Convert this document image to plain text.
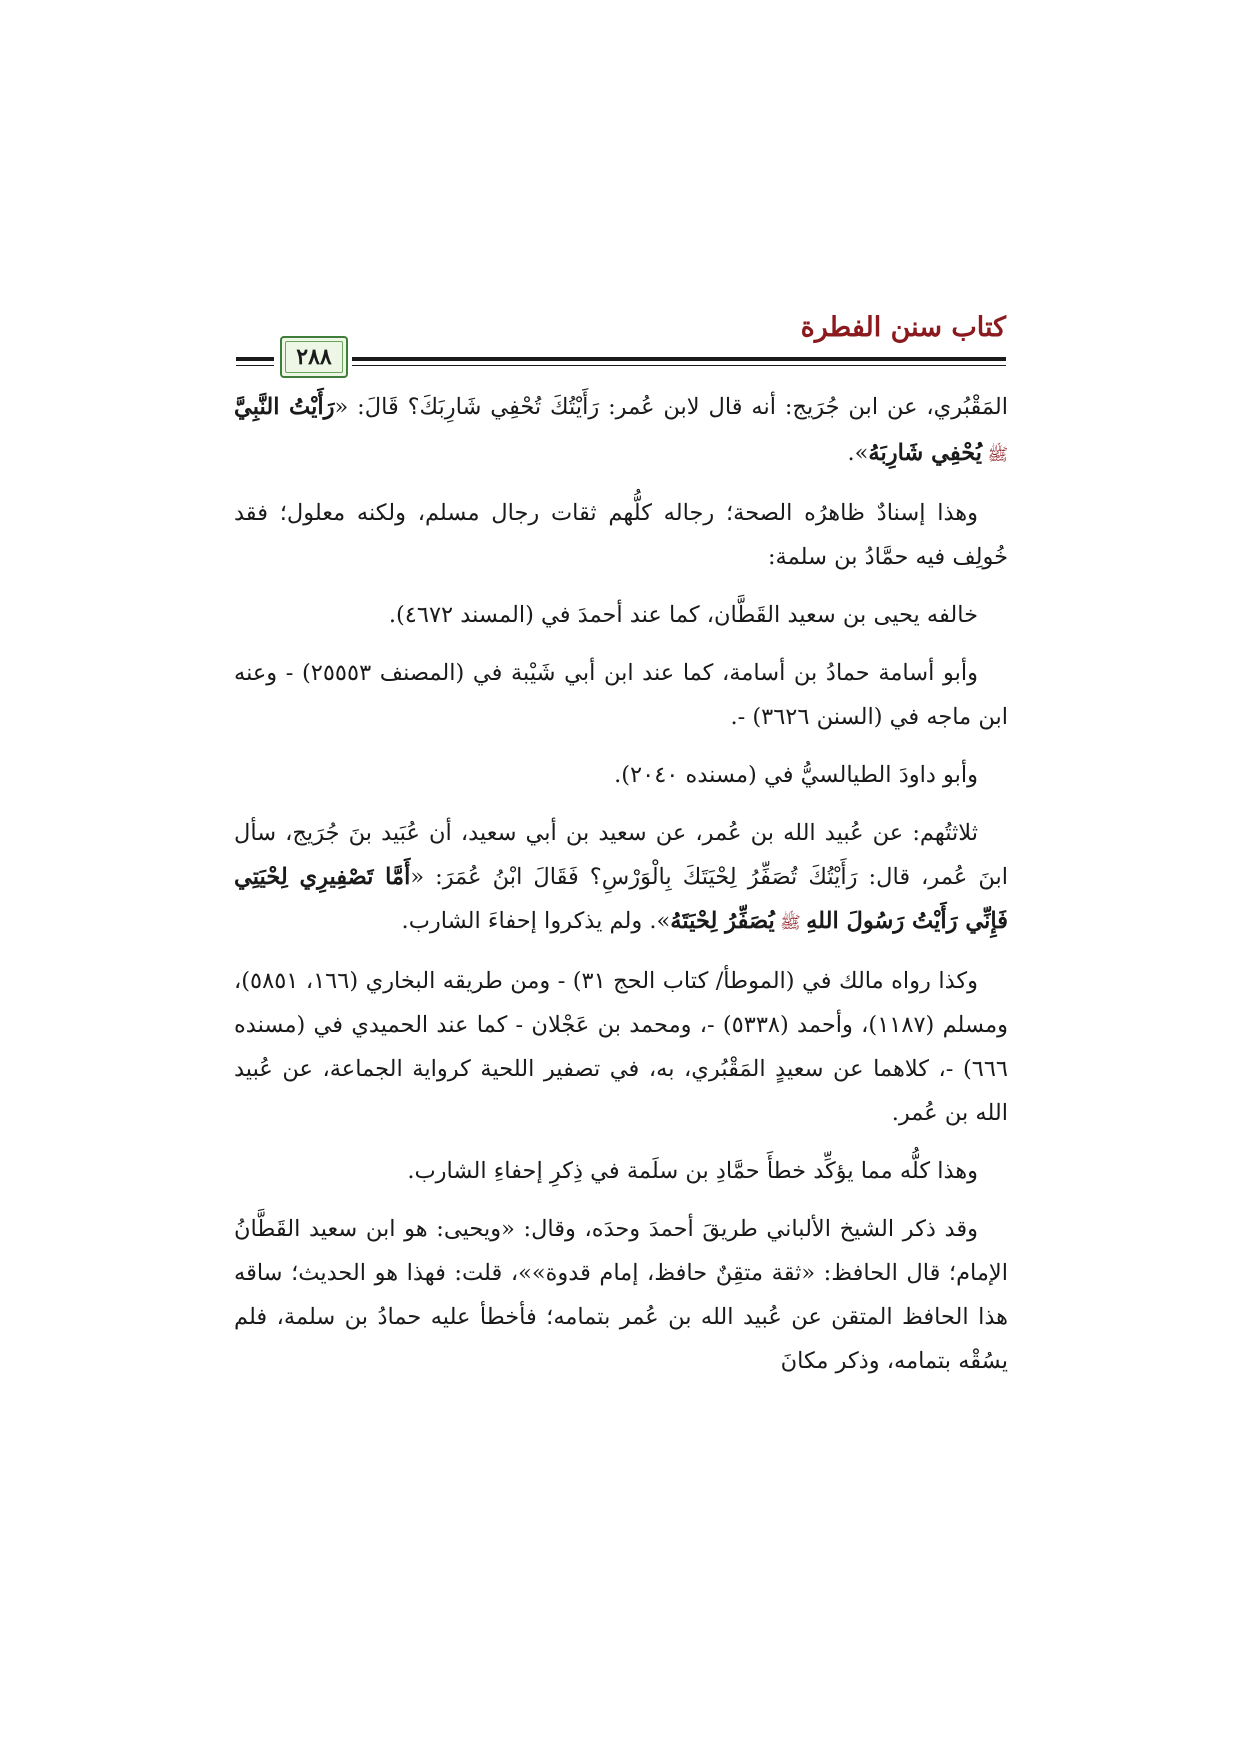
كتاب سنن الفطرة
٢٨٨

المَقْبُري، عن ابن جُرَيج: أنه قال لابن عُمر: رَأَيْتُكَ تُحْفِي شَارِبَكَ؟ قَالَ: «رَأَيْتُ النَّبِيَّ ﷺ يُحْفِي شَارِبَهُ».

وهذا إسنادٌ ظاهرُه الصحة؛ رجاله كلُّهم ثقات رجال مسلم، ولكنه معلول؛ فقد خُولِف فيه حمَّادُ بن سلمة:

خالفه يحيى بن سعيد القَطَّان، كما عند أحمدَ في (المسند ٤٦٧٢).

وأبو أسامة حمادُ بن أسامة، كما عند ابن أبي شَيْبة في (المصنف ٢٥٥٥٣) - وعنه ابن ماجه في (السنن ٣٦٢٦) -.

وأبو داودَ الطيالسيُّ في (مسنده ٢٠٤٠).

ثلاثتُهم: عن عُبيد الله بن عُمر، عن سعيد بن أبي سعيد، أن عُبَيد بنَ جُرَيج، سأل ابنَ عُمر، قال: رَأَيْتُكَ تُصَفِّرُ لِحْيَتَكَ بِالْوَرْسِ؟ فَقَالَ ابْنُ عُمَرَ: «أَمَّا تَصْفِيرِي لِحْيَتِي فَإِنِّي رَأَيْتُ رَسُولَ اللهِ ﷺ يُصَفِّرُ لِحْيَتَهُ». ولم يذكروا إحفاءَ الشارب.

وكذا رواه مالك في (الموطأ/ كتاب الحج ٣١) - ومن طريقه البخاري (١٦٦، ٥٨٥١)، ومسلم (١١٨٧)، وأحمد (٥٣٣٨) -، ومحمد بن عَجْلان - كما عند الحميدي في (مسنده ٦٦٦) -، كلاهما عن سعيدٍ المَقْبُري، به، في تصفير اللحية كرواية الجماعة، عن عُبيد الله بن عُمر.

وهذا كلُّه مما يؤكِّد خطأَ حمَّادِ بن سلَمة في ذِكرِ إحفاءِ الشارب.

وقد ذكر الشيخ الألباني طريقَ أحمدَ وحدَه، وقال: «ويحيى: هو ابن سعيد القَطَّانُ الإمام؛ قال الحافظ: «ثقة متقِنٌ حافظ، إمام قدوة»»، قلت: فهذا هو الحديث؛ ساقه هذا الحافظ المتقن عن عُبيد الله بن عُمر بتمامه؛ فأخطأ عليه حمادُ بن سلمة، فلم يسُقْه بتمامه، وذكر مكانَ
